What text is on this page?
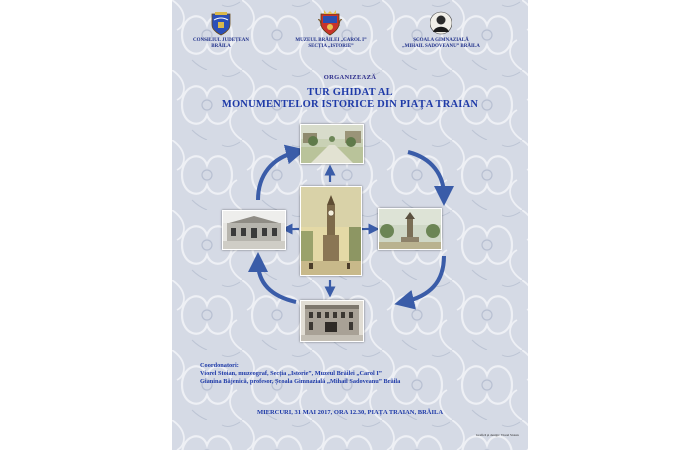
CONSILIUL JUDEȚEAN
BRĂILA
MUZEUL BRĂILEI „CAROL I”
SECȚIA „ISTORIE”
ȘCOALA GIMNAZIALĂ
„MIHAIL SADOVEANU” BRĂILA
ORGANIZEAZĂ
TUR GHIDAT AL
MONUMENTELOR ISTORICE DIN PIAȚA TRAIAN
Coordonatori:
Viorel Stoian, muzeograf, Secția „Istorie”, Muzeul Brăilei „Carol I”
Gianina Băjenică, profesor, Școala Gimnazială „Mihail Sadoveanu” Brăila
MIERCURI, 31 MAI 2017, ORA 12.30, PIAȚA TRAIAN, BRĂILA
Grafică și design: Viorel Stoian
